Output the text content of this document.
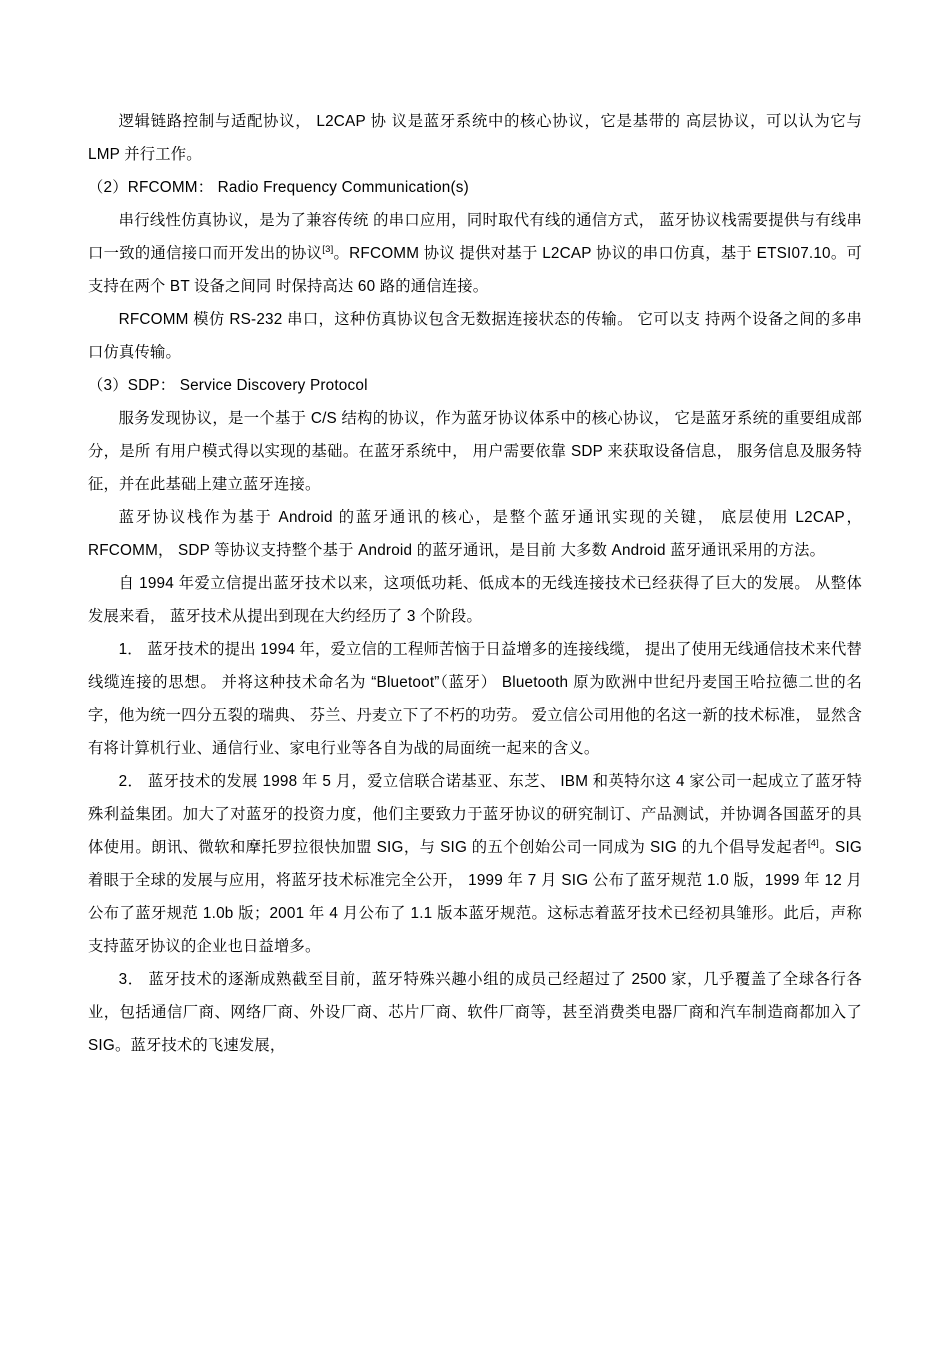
逻辑链路控制与适配协议， L2CAP 协 议是蓝牙系统中的核心协议，它是基带的 高层协议，可以认为它与 LMP 并行工作。

（2）RFCOMM： Radio Frequency Communication(s)

串行线性仿真协议，是为了兼容传统 的串口应用，同时取代有线的通信方式， 蓝牙协议栈需要提供与有线串口一致的通信接口而开发出的协议[3]。RFCOMM 协议 提供对基于 L2CAP 协议的串口仿真，基于 ETSI07.10。可支持在两个 BT 设备之间同 时保持高达 60 路的通信连接。

RFCOMM 模仿 RS-232 串口，这种仿真协议包含无数据连接状态的传输。 它可以支 持两个设备之间的多串口仿真传输。

（3）SDP： Service Discovery Protocol

服务发现协议，是一个基于 C/S 结构的协议，作为蓝牙协议体系中的核心协议， 它是蓝牙系统的重要组成部分，是所 有用户模式得以实现的基础。在蓝牙系统中， 用户需要依靠 SDP 来获取设备信息， 服务信息及服务特征，并在此基础上建立蓝牙连接。

蓝牙协议栈作为基于 Android 的蓝牙通讯的核心，是整个蓝牙通讯实现的关键， 底层使用 L2CAP， RFCOMM， SDP 等协议支持整个基于 Android 的蓝牙通讯，是目前 大多数 Android 蓝牙通讯采用的方法。

自 1994 年爱立信提出蓝牙技术以来，这项低功耗、低成本的无线连接技术已经获得了巨大的发展。 从整体发展来看， 蓝牙技术从提出到现在大约经历了 3 个阶段。

1． 蓝牙技术的提出 1994 年，爱立信的工程师苦恼于日益增多的连接线缆， 提出了使用无线通信技术来代替线缆连接的思想。 并将这种技术命名为 “Bluetoot”（蓝牙） Bluetooth 原为欧洲中世纪丹麦国王哈拉德二世的名字，他为统一四分五裂的瑞典、 芬兰、丹麦立下了不朽的功劳。 爱立信公司用他的名这一新的技术标准， 显然含有将计算机行业、通信行业、家电行业等各自为战的局面统一起来的含义。

2． 蓝牙技术的发展 1998 年 5 月，爱立信联合诺基亚、东芝、 IBM 和英特尔这 4 家公司一起成立了蓝牙特殊利益集团。加大了对蓝牙的投资力度，他们主要致力于蓝牙协议的研究制订、产品测试，并协调各国蓝牙的具体使用。朗讯、微软和摩托罗拉很快加盟 SIG，与 SIG 的五个创始公司一同成为 SIG 的九个倡导发起者[4]。SIG 着眼于全球的发展与应用，将蓝牙技术标准完全公开， 1999 年 7 月 SIG 公布了蓝牙规范 1.0 版，1999 年 12 月公布了蓝牙规范 1.0b 版；2001 年 4 月公布了 1.1 版本蓝牙规范。这标志着蓝牙技术已经初具雏形。此后，声称支持蓝牙协议的企业也日益增多。

3． 蓝牙技术的逐渐成熟截至目前，蓝牙特殊兴趣小组的成员己经超过了 2500 家，几乎覆盖了全球各行各业，包括通信厂商、网络厂商、外设厂商、芯片厂商、软件厂商等，甚至消费类电器厂商和汽车制造商都加入了 SIG。蓝牙技术的飞速发展，
